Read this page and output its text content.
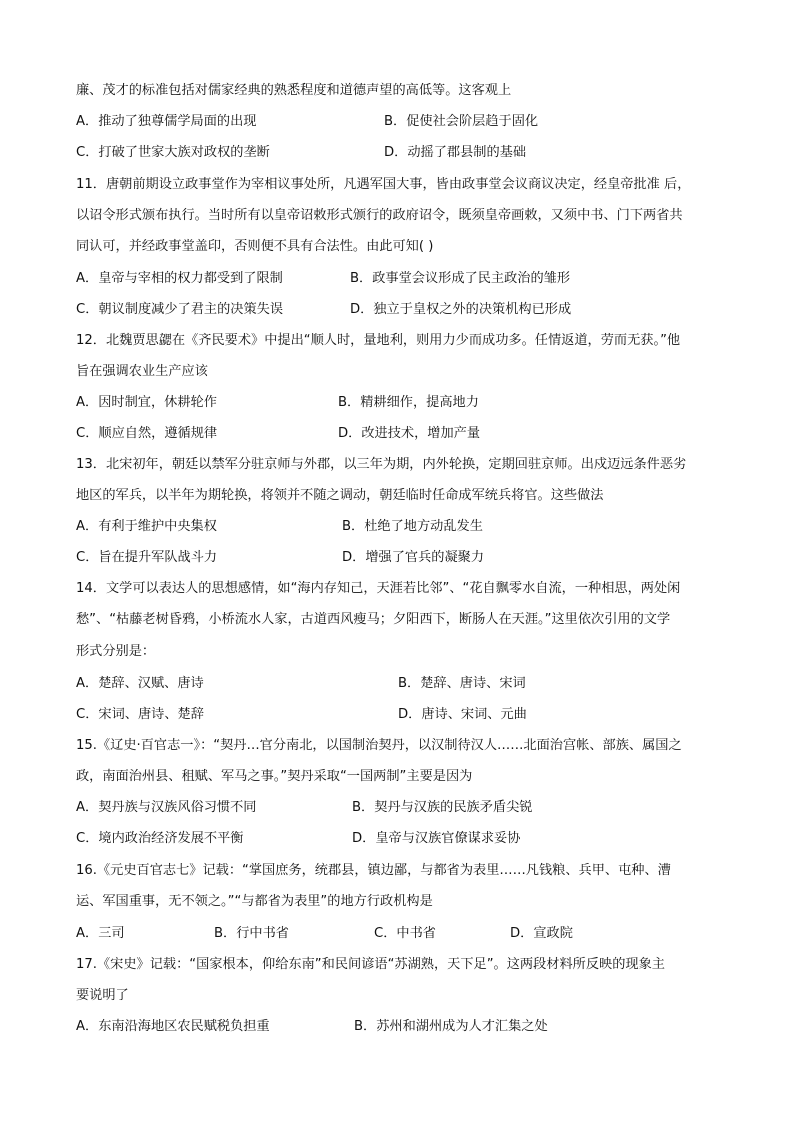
廉、茂才的标准包括对儒家经典的熟悉程度和道德声望的高低等。这客观上
A．推动了独尊儒学局面的出现	B．促使社会阶层趋于固化
C．打破了世家大族对政权的垄断	D．动摇了郡县制的基础
11．唐朝前期设立政事堂作为宰相议事处所，凡遇军国大事，皆由政事堂会议商议决定，经皇帝批准 后，
以诏令形式颁布执行。当时所有以皇帝诏敕形式颁行的政府诏令，既须皇帝画敕，又须中书、门下两省共
同认可，并经政事堂盖印，否则便不具有合法性。由此可知( )
A．皇帝与宰相的权力都受到了限制	B．政事堂会议形成了民主政治的雏形
C．朝议制度减少了君主的决策失误	D．独立于皇权之外的决策机构已形成
12．北魏贾思勰在《齐民要术》中提出“顺人时，量地利，则用力少而成功多。任情返道，劳而无获。”他
旨在强调农业生产应该
A．因时制宜，休耕轮作	B．精耕细作，提高地力
C．顺应自然，遵循规律	D．改进技术，增加产量
13．北宋初年，朝廷以禁军分驻京师与外郡，以三年为期，内外轮换，定期回驻京师。出戍迈远条件恶劣
地区的军兵，以半年为期轮换，将领并不随之调动，朝廷临时任命成军统兵将官。这些做法
A．有利于维护中央集权	B．杜绝了地方动乱发生
C．旨在提升军队战斗力	D．增强了官兵的凝聚力
14．文学可以表达人的思想感情，如“海内存知己，天涯若比邻”、“花自飘零水自流，一种相思，两处闲
愁”、“枯藤老树昏鸦，小桥流水人家，古道西风瘦马；夕阳西下，断肠人在天涯。”这里依次引用的文学
形式分别是：
A．楚辞、汉赋、唐诗	B．楚辞、唐诗、宋词
C．宋词、唐诗、楚辞	D．唐诗、宋词、元曲
15.《辽史·百官志一》：“契丹…官分南北，以国制治契丹，以汉制待汉人……北面治宫帐、部族、属国之
政，南面治州县、租赋、军马之事。”契丹采取“一国两制”主要是因为
A．契丹族与汉族风俗习惯不同	B．契丹与汉族的民族矛盾尖锐
C．境内政治经济发展不平衡	D．皇帝与汉族官僚谋求妥协
16.《元史百官志七》记载：“掌国庶务，统郡县，镇边鄙，与都省为表里……凡钱粮、兵甲、屯种、漕
运、军国重事，无不领之。”“与都省为表里”的地方行政机构是
A．三司	B．行中书省	C．中书省	D．宣政院
17.《宋史》记载：“国家根本，仰给东南”和民间谚语“苏湖熟，天下足”。这两段材料所反映的现象主
要说明了
A．东南沿海地区农民赋税负担重	B．苏州和湖州成为人才汇集之处
